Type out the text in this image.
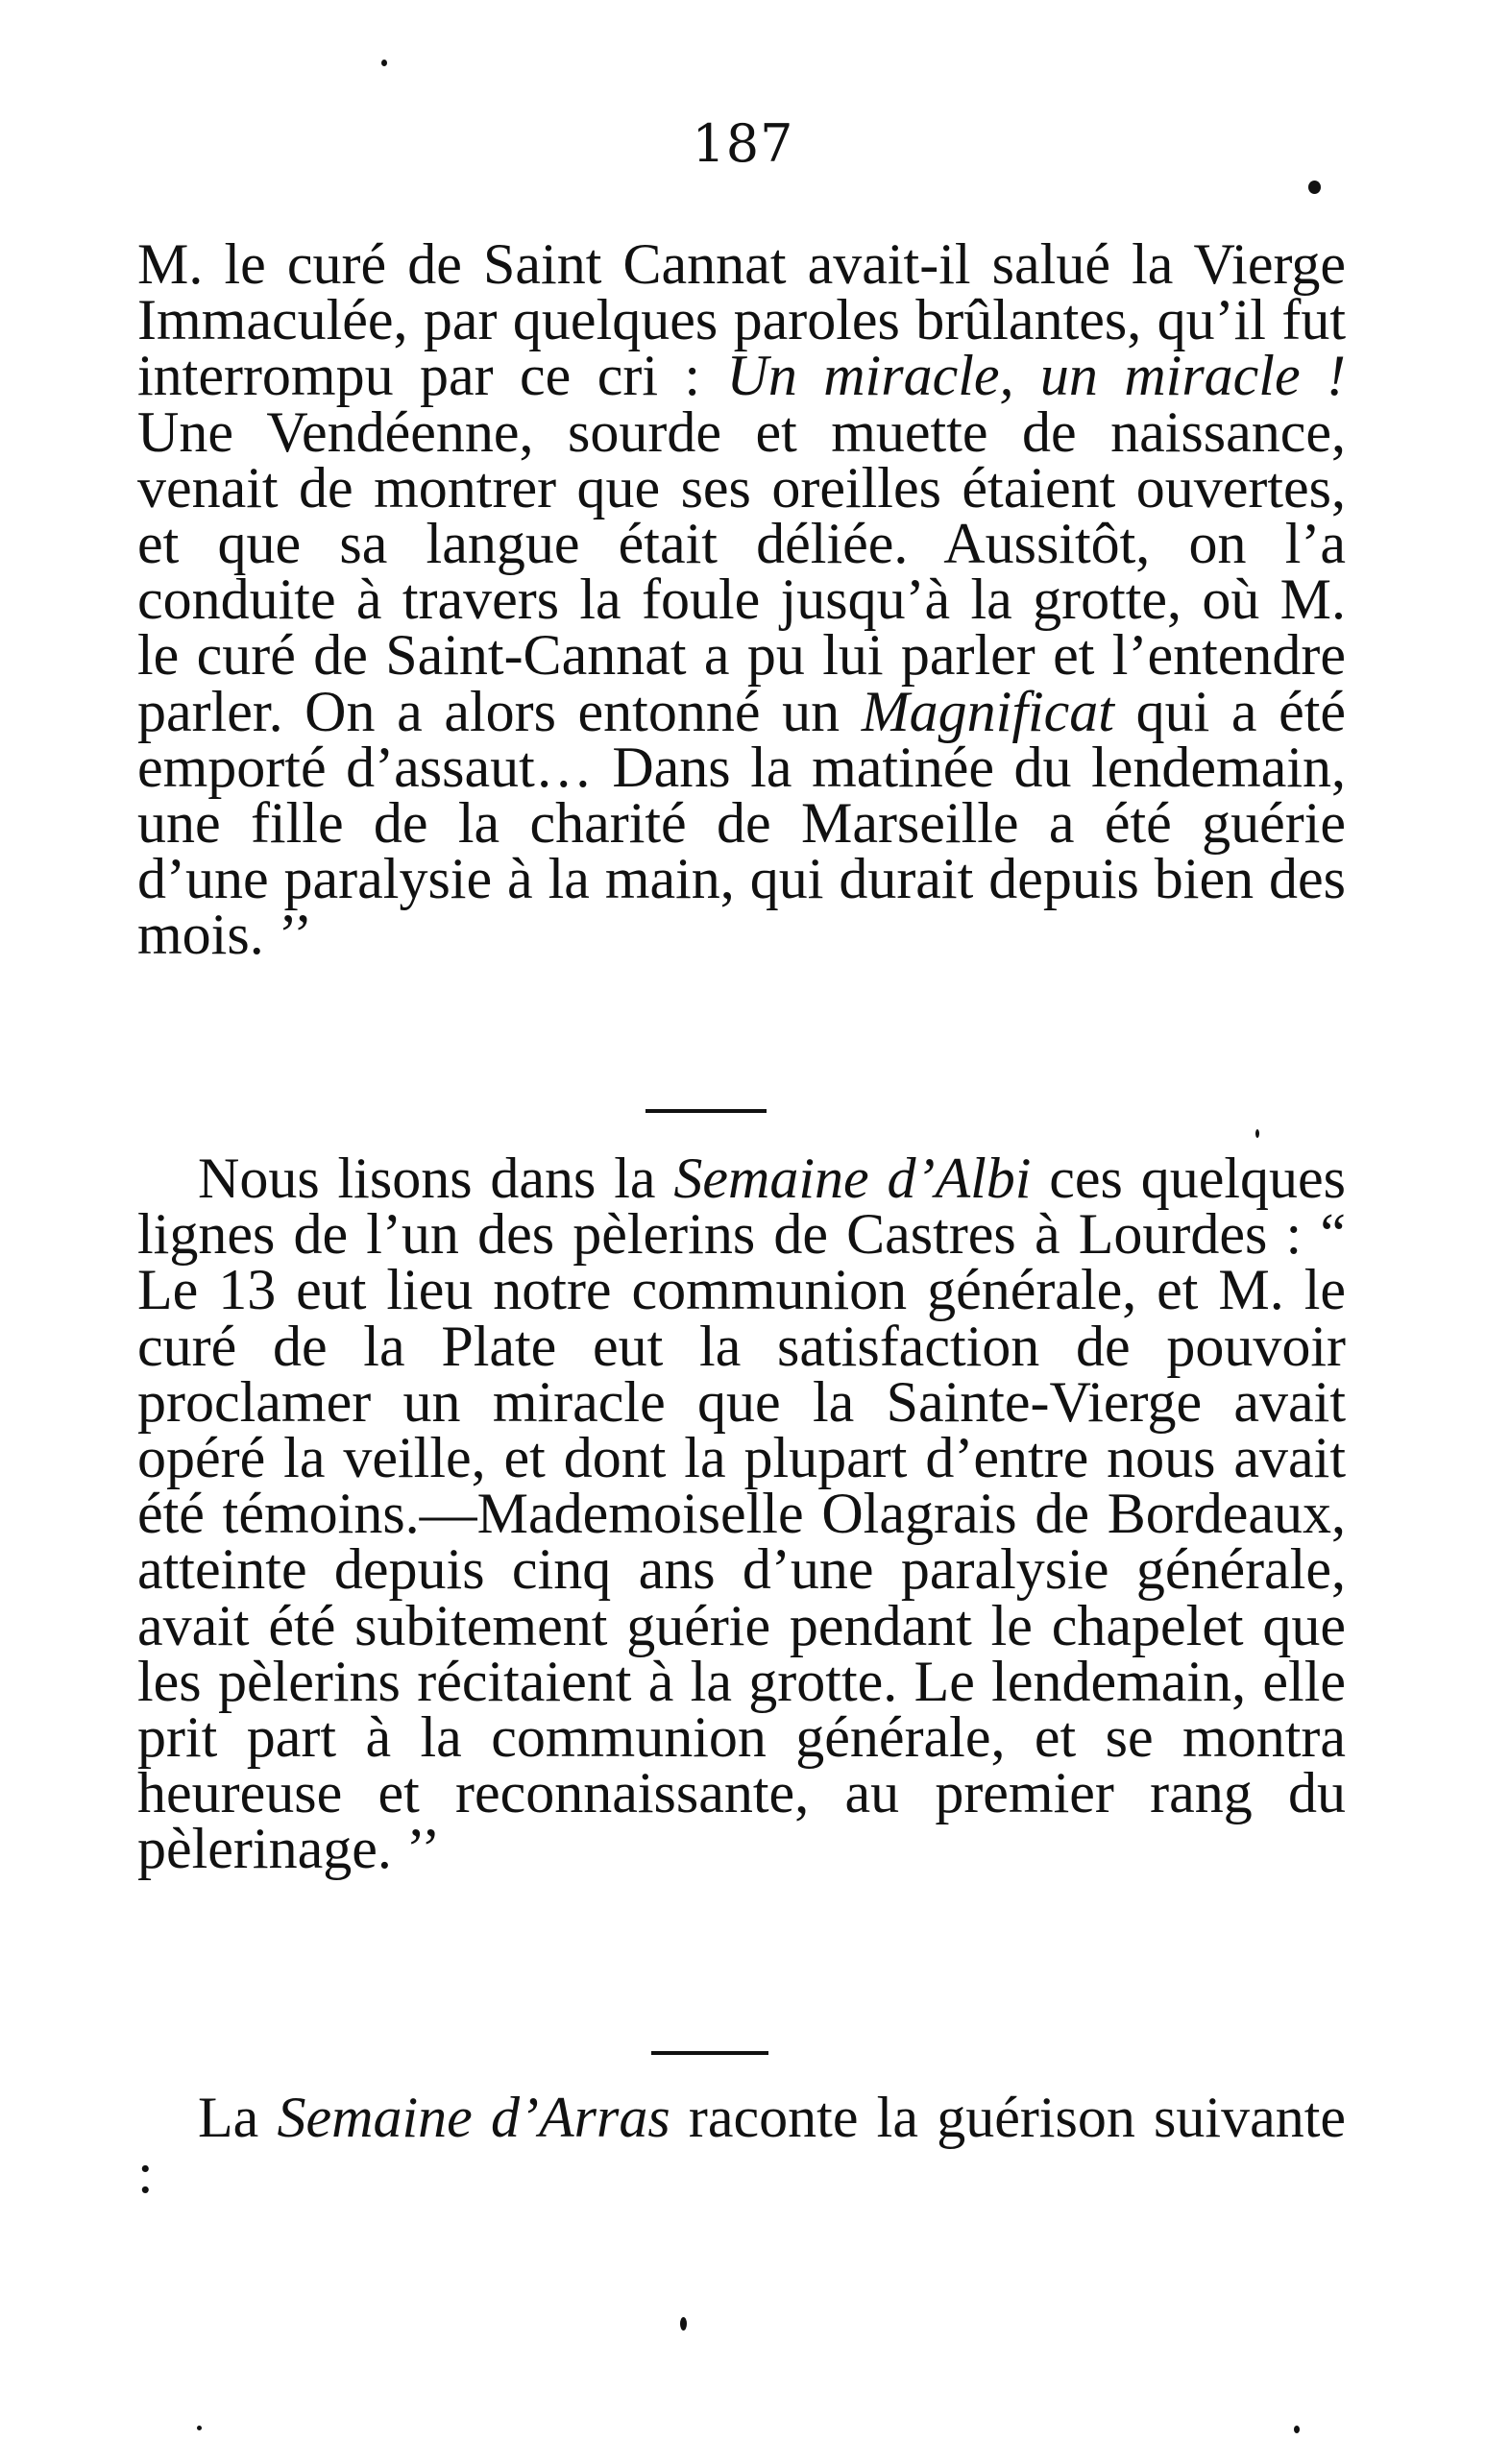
187

M. le curé de Saint Cannat avait-il salué la Vierge Immaculée, par quelques paroles brûlantes, qu’il fut interrompu par ce cri : Un miracle, un miracle ! Une Vendéenne, sourde et muette de naissance, venait de montrer que ses oreilles étaient ouvertes, et que sa langue était déliée. Aussitôt, on l’a conduite à travers la foule jusqu’à la grotte, où M. le curé de Saint-Cannat a pu lui parler et l’entendre parler. On a alors entonné un Magnificat qui a été emporté d’assaut… Dans la matinée du lendemain, une fille de la charité de Marseille a été guérie d’une paralysie à la main, qui durait depuis bien des mois. ’’

Nous lisons dans la Semaine d’Albi ces quelques lignes de l’un des pèlerins de Castres à Lourdes : “ Le 13 eut lieu notre communion générale, et M. le curé de la Plate eut la satisfaction de pouvoir proclamer un miracle que la Sainte-Vierge avait opéré la veille, et dont la plupart d’entre nous avait été témoins.—Mademoiselle Olagrais de Bordeaux, atteinte depuis cinq ans d’une paralysie générale, avait été subitement guérie pendant le chapelet que les pèlerins récitaient à la grotte. Le lendemain, elle prit part à la communion générale, et se montra heureuse et reconnaissante, au premier rang du pèlerinage. ’’

La Semaine d’Arras raconte la guérison suivante :
